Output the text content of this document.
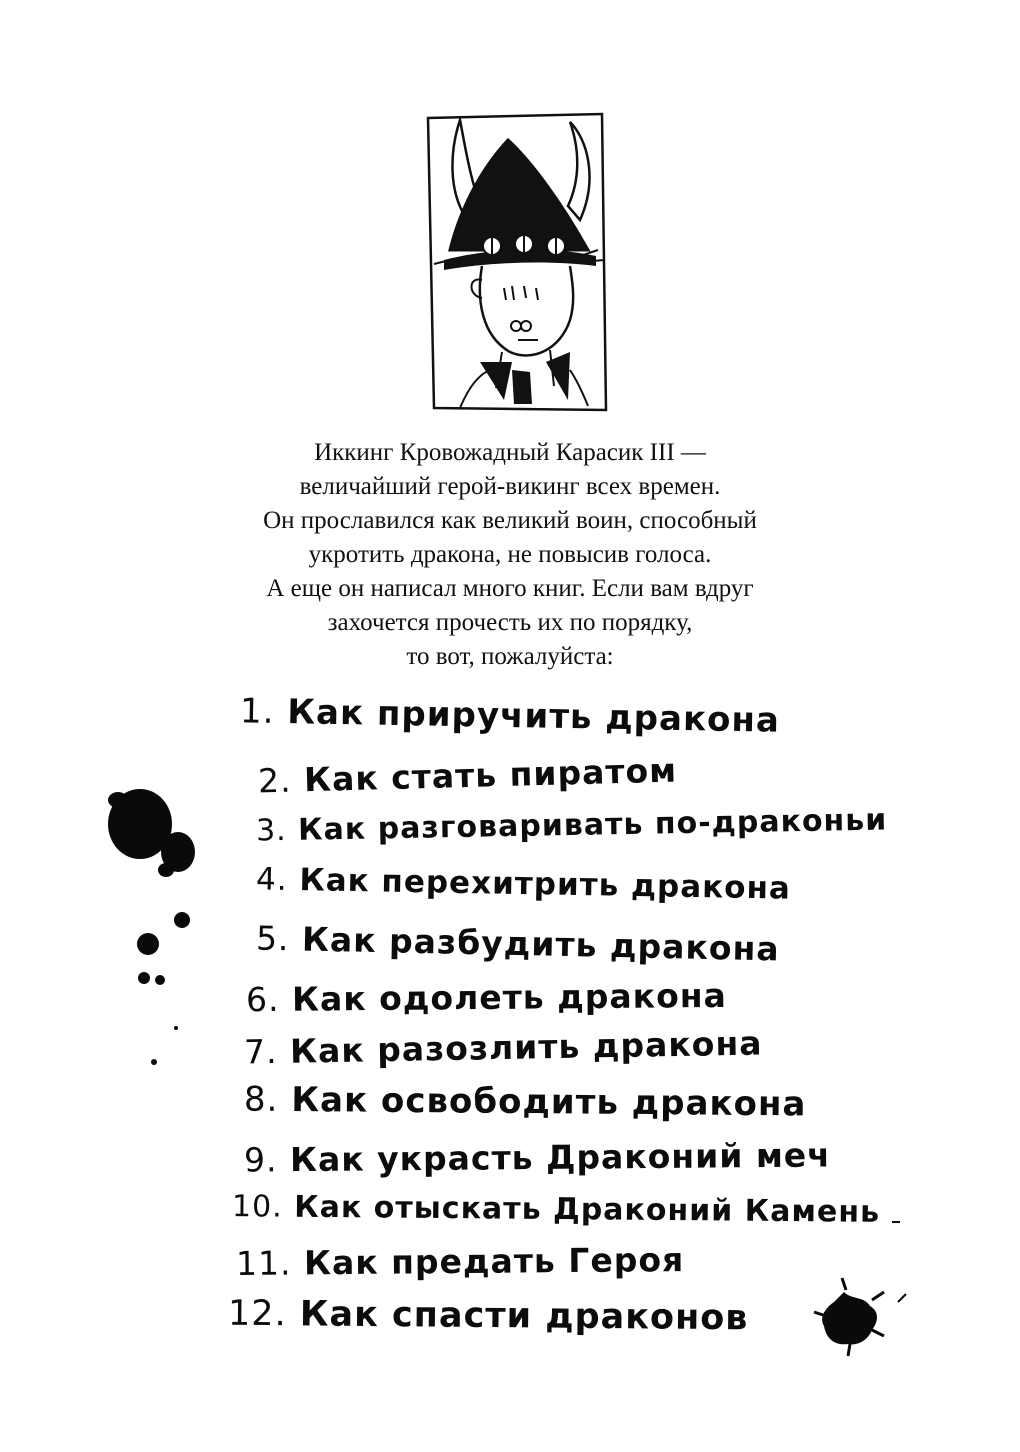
Иккинг Кровожадный Карасик III —
величайший герой-викинг всех времен.
Он прославился как великий воин, способный
укротить дракона, не повысив голоса.
А еще он написал много книг. Если вам вдруг
захочется прочесть их по порядку,
то вот, пожалуйста:
1. Как приручить дракона
2. Как стать пиратом
3. Как разговаривать по-драконьи
4. Как перехитрить дракона
5. Как разбудить дракона
6. Как одолеть дракона
7. Как разозлить дракона
8. Как освободить дракона
9. Как украсть Драконий меч
10. Как отыскать Драконий Камень
11. Как предать Героя
12. Как спасти драконов
